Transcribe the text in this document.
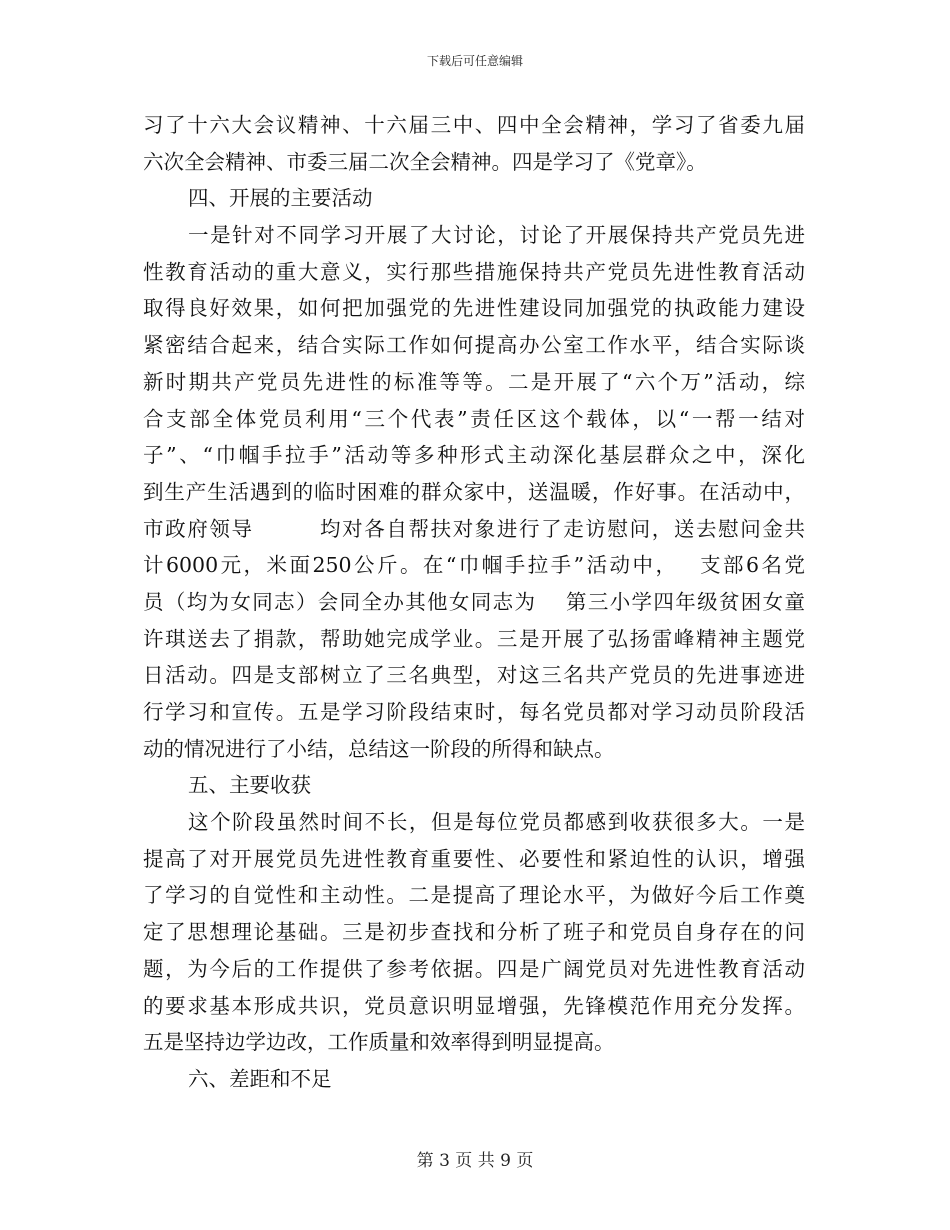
下载后可任意编辑
习了十六大会议精神、十六届三中、四中全会精神，学习了省委九届
六次全会精神、市委三届二次全会精神。四是学习了《党章》。
四、开展的主要活动
一是针对不同学习开展了大讨论，讨论了开展保持共产党员先进
性教育活动的重大意义，实行那些措施保持共产党员先进性教育活动
取得良好效果，如何把加强党的先进性建设同加强党的执政能力建设
紧密结合起来，结合实际工作如何提高办公室工作水平，结合实际谈
新时期共产党员先进性的标准等等。二是开展了“六个万”活动，综
合支部全体党员利用“三个代表”责任区这个载体，以“一帮一结对
子”、“巾帼手拉手”活动等多种形式主动深化基层群众之中，深化
到生产生活遇到的临时困难的群众家中，送温暖，作好事。在活动中，
市政府领导　　　均对各自帮扶对象进行了走访慰问，送去慰问金共
计6000元，米面250公斤。在“巾帼手拉手”活动中，　 支部6名党
员（均为女同志）会同全办其他女同志为　 第三小学四年级贫困女童
许琪送去了捐款，帮助她完成学业。三是开展了弘扬雷峰精神主题党
日活动。四是支部树立了三名典型，对这三名共产党员的先进事迹进
行学习和宣传。五是学习阶段结束时，每名党员都对学习动员阶段活
动的情况进行了小结，总结这一阶段的所得和缺点。
五、主要收获
这个阶段虽然时间不长，但是每位党员都感到收获很多大。一是
提高了对开展党员先进性教育重要性、必要性和紧迫性的认识，增强
了学习的自觉性和主动性。二是提高了理论水平，为做好今后工作奠
定了思想理论基础。三是初步查找和分析了班子和党员自身存在的问
题，为今后的工作提供了参考依据。四是广阔党员对先进性教育活动
的要求基本形成共识，党员意识明显增强，先锋模范作用充分发挥。
五是坚持边学边改，工作质量和效率得到明显提高。
六、差距和不足
第 3 页 共 9 页
